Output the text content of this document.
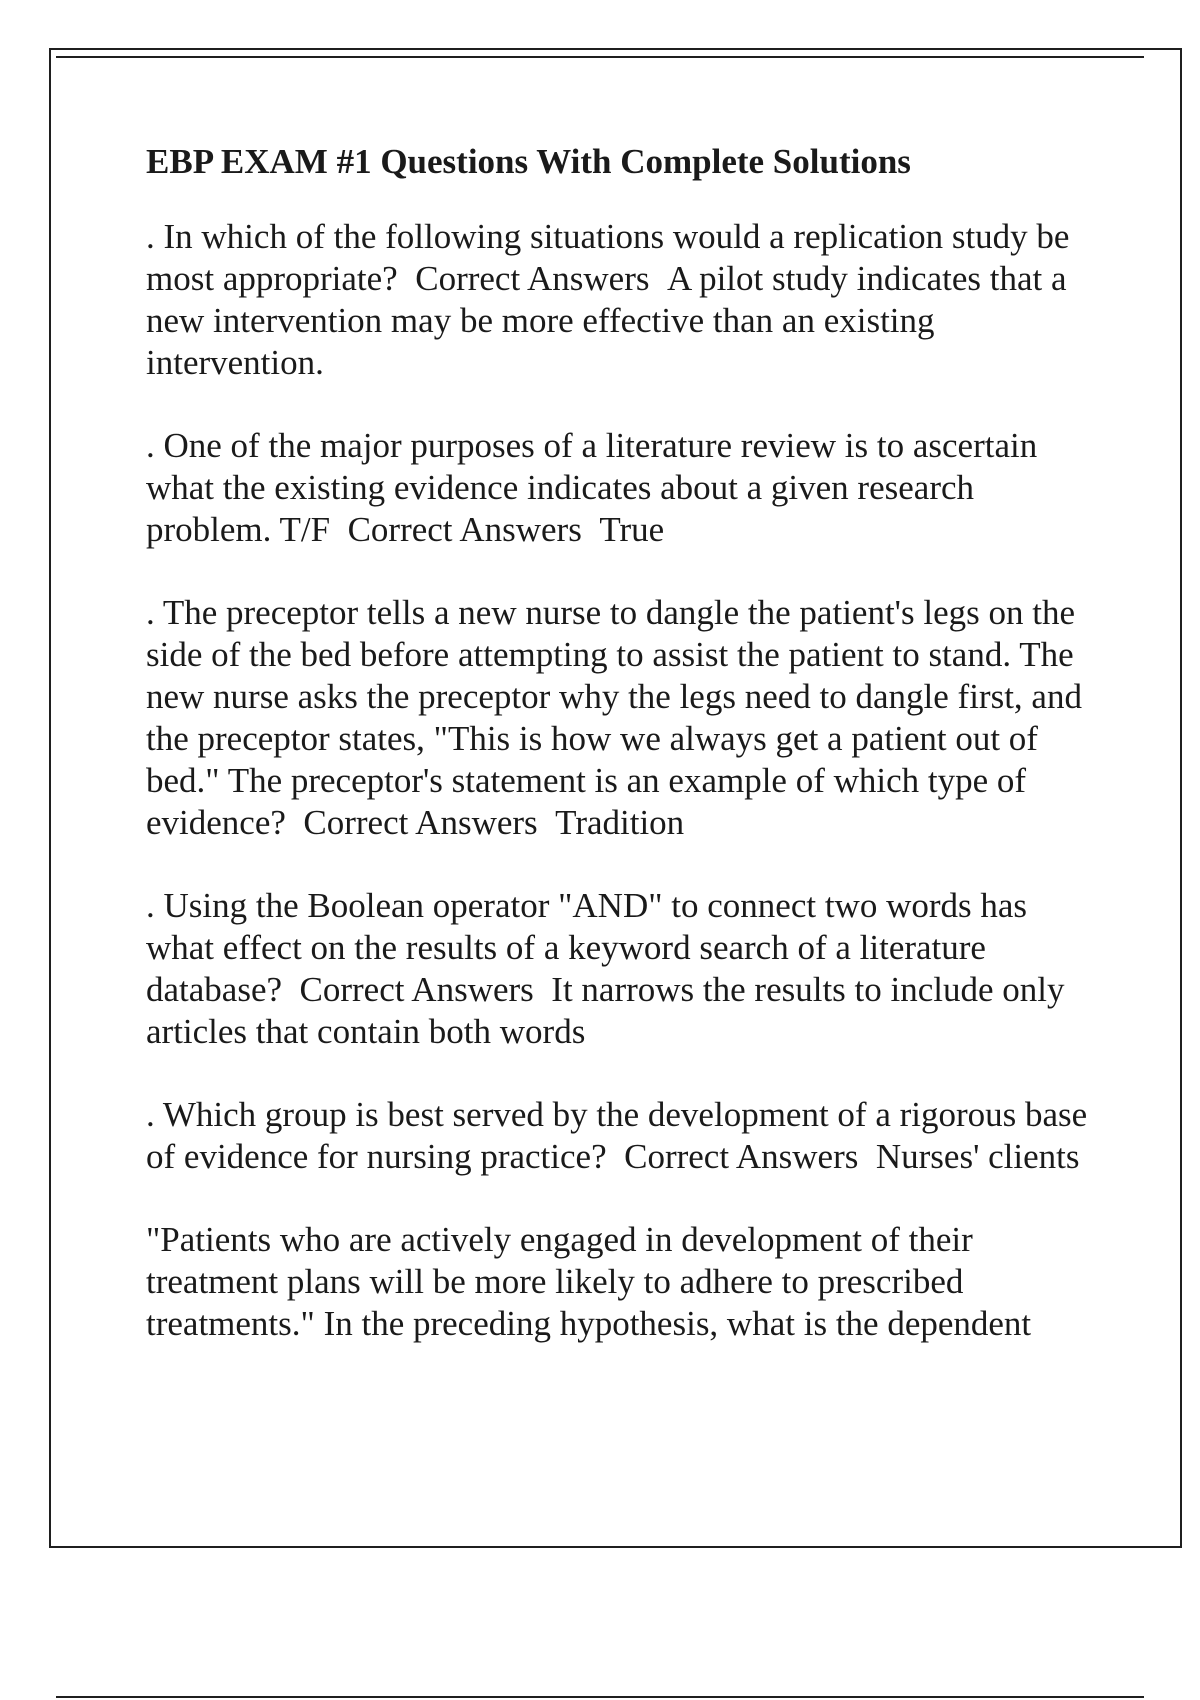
EBP EXAM #1 Questions With Complete Solutions

. In which of the following situations would a replication study be most appropriate? Correct Answers A pilot study indicates that a new intervention may be more effective than an existing intervention.

. One of the major purposes of a literature review is to ascertain what the existing evidence indicates about a given research problem. T/F Correct Answers True

. The preceptor tells a new nurse to dangle the patient's legs on the side of the bed before attempting to assist the patient to stand. The new nurse asks the preceptor why the legs need to dangle first, and the preceptor states, "This is how we always get a patient out of bed." The preceptor's statement is an example of which type of evidence? Correct Answers Tradition

. Using the Boolean operator "AND" to connect two words has what effect on the results of a keyword search of a literature database? Correct Answers It narrows the results to include only articles that contain both words

. Which group is best served by the development of a rigorous base of evidence for nursing practice? Correct Answers Nurses' clients

"Patients who are actively engaged in development of their treatment plans will be more likely to adhere to prescribed treatments." In the preceding hypothesis, what is the dependent
